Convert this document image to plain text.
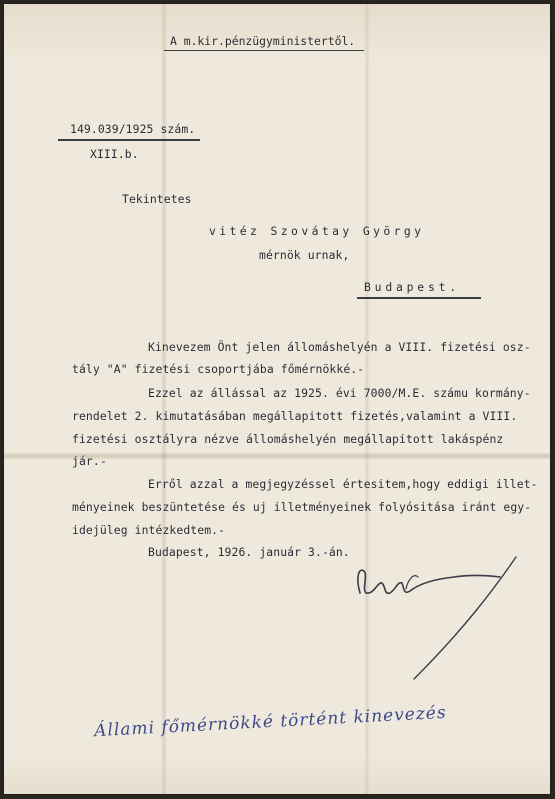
A m.kir.pénzügyministertől.
149.039/1925 szám.
XIII.b.
Tekintetes
vitéz Szovátay György
mérnök urnak,
Budapest.
Kinevezem Önt jelen állomáshelyén a VIII. fizetési osz-
tály "A" fizetési csoportjába főmérnökké.-
Ezzel az állással az 1925. évi 7000/M.E. számu kormány-
rendelet 2. kimutatásában megállapitott fizetés,valamint a VIII.
fizetési osztályra nézve állomáshelyén megállapitott lakáspénz
jár.-
Erről azzal a megjegyzéssel értesitem,hogy eddigi illet-
ményeinek beszüntetése és uj illetményeinek folyósitása iránt egy-
idejüleg intézkedtem.-
Budapest, 1926. január 3.-án.
Állami főmérnökké történt kinevezés
